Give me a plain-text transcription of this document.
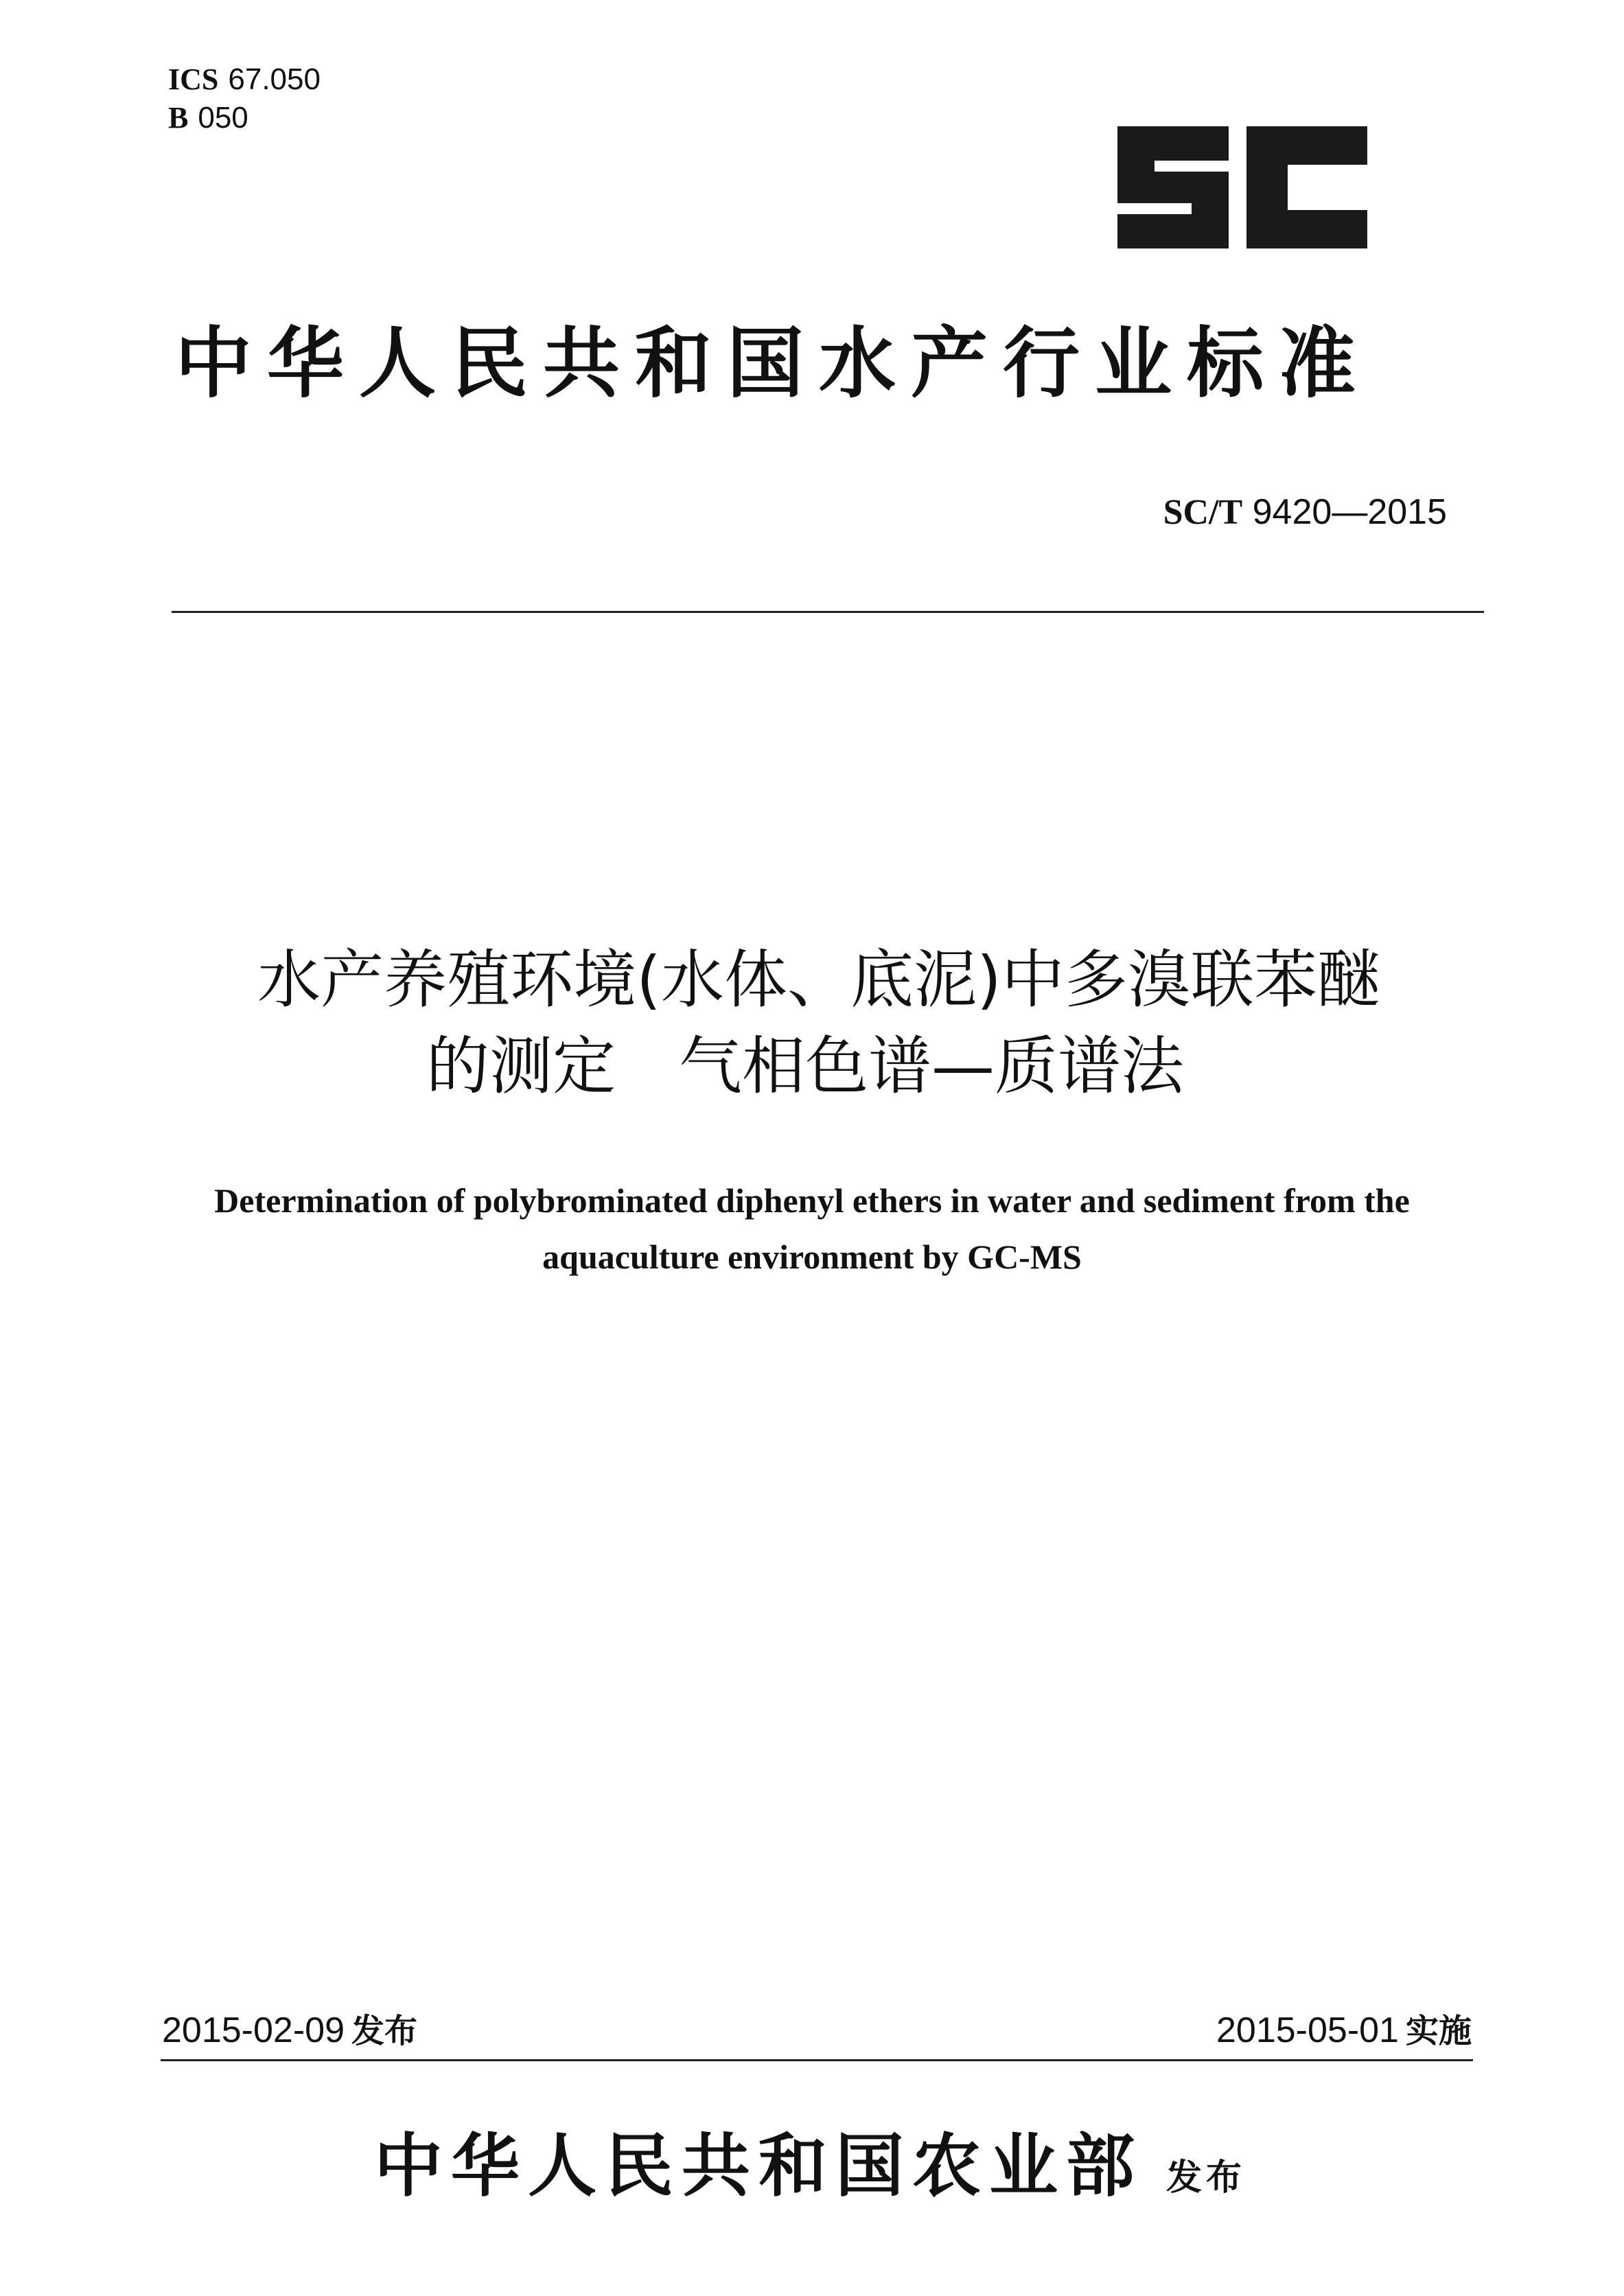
ICS 67.050
B 050
中华人民共和国水产行业标准
SC/T 9420—2015
水产养殖环境(水体、底泥)中多溴联苯醚
的测定　气相色谱—质谱法
Determination of polybrominated diphenyl ethers in water and sediment from the
aquaculture environment by GC-MS
2015-02-09 发布	2015-05-01 实施
中华人民共和国农业部 发布
